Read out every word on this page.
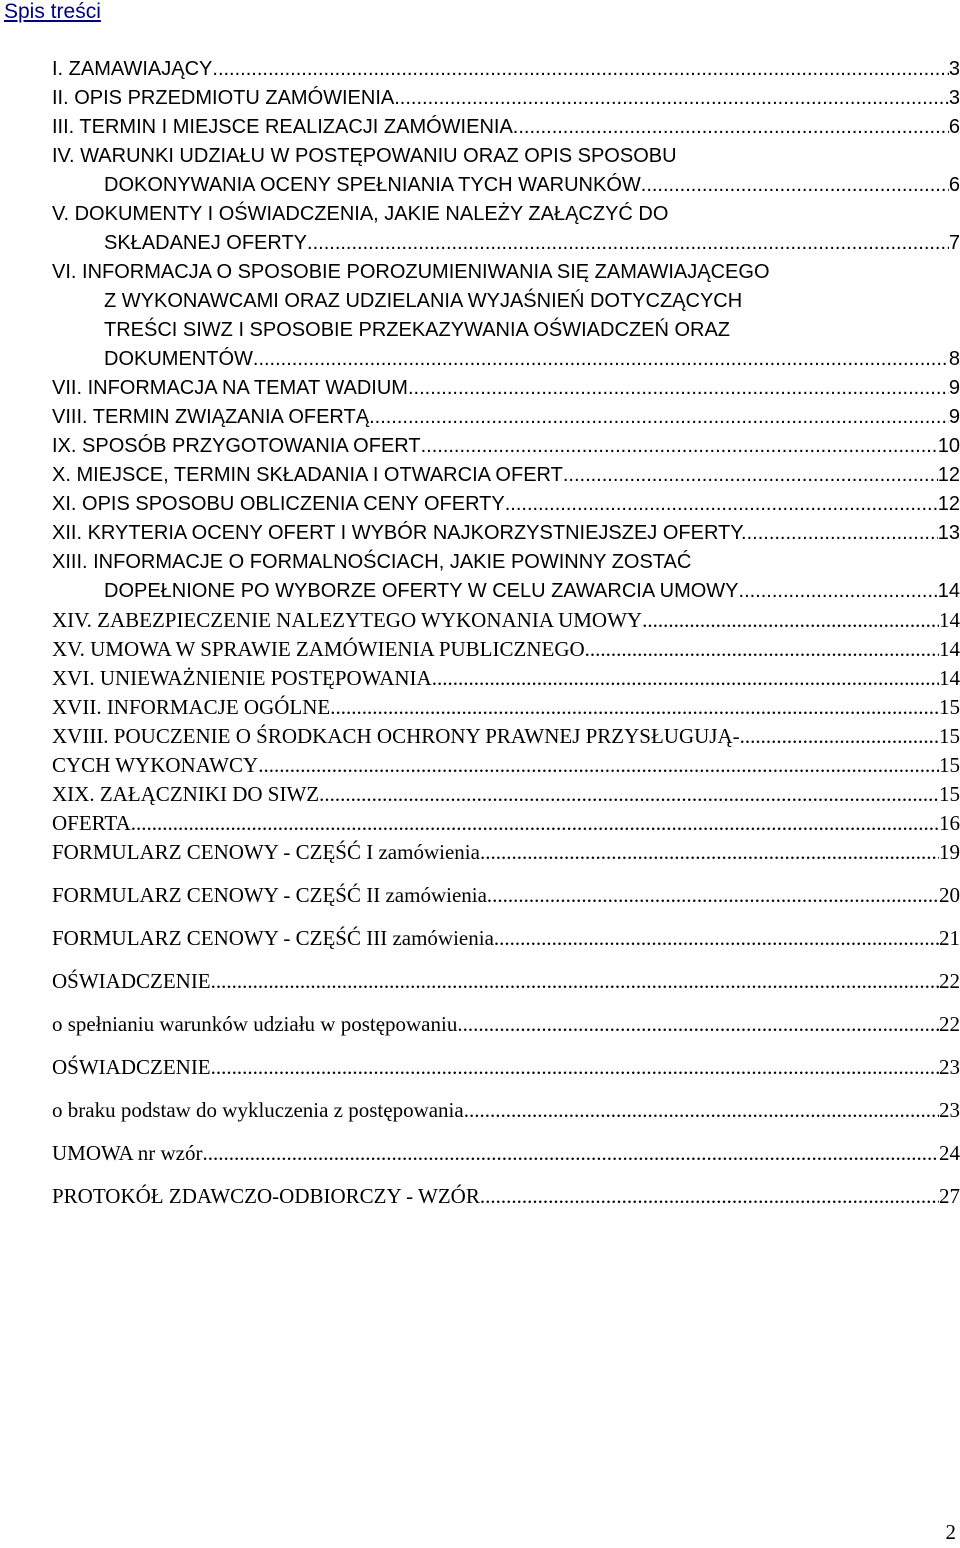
Spis treści
I. ZAMAWIAJĄCY .....	3
II. OPIS PRZEDMIOTU ZAMÓWIENIA .....	3
III. TERMIN I MIEJSCE REALIZACJI ZAMÓWIENIA .....	6
IV. WARUNKI UDZIAŁU W POSTĘPOWANIU ORAZ OPIS SPOSOBU
DOKONYWANIA OCENY SPEŁNIANIA TYCH WARUNKÓW .....	6
V. DOKUMENTY I OŚWIADCZENIA, JAKIE NALEŻY ZAŁĄCZYĆ DO
SKŁADANEJ OFERTY .....	7
VI. INFORMACJA O SPOSOBIE POROZUMIENIWANIA SIĘ ZAMAWIAJĄCEGO
Z WYKONAWCAMI ORAZ UDZIELANIA WYJAŚNIEŃ DOTYCZĄCYCH
TREŚCI SIWZ I SPOSOBIE PRZEKAZYWANIA OŚWIADCZEŃ ORAZ
DOKUMENTÓW .....	8
VII. INFORMACJA NA TEMAT WADIUM .....	9
VIII. TERMIN ZWIĄZANIA OFERTĄ .....	9
IX. SPOSÓB PRZYGOTOWANIA OFERT .....	10
X. MIEJSCE, TERMIN SKŁADANIA I OTWARCIA OFERT .....	12
XI. OPIS SPOSOBU OBLICZENIA CENY OFERTY .....	12
XII. KRYTERIA OCENY OFERT I WYBÓR NAJKORZYSTNIEJSZEJ OFERTY. .....	13
XIII. INFORMACJE O FORMALNOŚCIACH, JAKIE POWINNY ZOSTAĆ
DOPEŁNIONE PO WYBORZE OFERTY W CELU ZAWARCIA UMOWY .....	14
XIV. ZABEZPIECZENIE NALEZYTEGO WYKONANIA UMOWY .....	14
XV. UMOWA W SPRAWIE ZAMÓWIENIA PUBLICZNEGO .....	14
XVI. UNIEWAŻNIENIE POSTĘPOWANIA .....	14
XVII. INFORMACJE OGÓLNE .....	15
XVIII. POUCZENIE O ŚRODKACH OCHRONY PRAWNEJ PRZYSŁUGUJĄ- .....	15
CYCH WYKONAWCY .....	15
XIX. ZAŁĄCZNIKI DO SIWZ .....	15
OFERTA .....	16
FORMULARZ CENOWY - CZĘŚĆ I zamówienia .....	19
FORMULARZ CENOWY - CZĘŚĆ II zamówienia .....	20
FORMULARZ CENOWY - CZĘŚĆ III zamówienia .....	21
OŚWIADCZENIE .....	22
o spełnianiu warunków udziału w postępowaniu .....	22
OŚWIADCZENIE .....	23
o braku podstaw do wykluczenia z postępowania .....	23
UMOWA nr wzór .....	24
PROTOKÓŁ ZDAWCZO-ODBIORCZY - WZÓR .....	27
2
